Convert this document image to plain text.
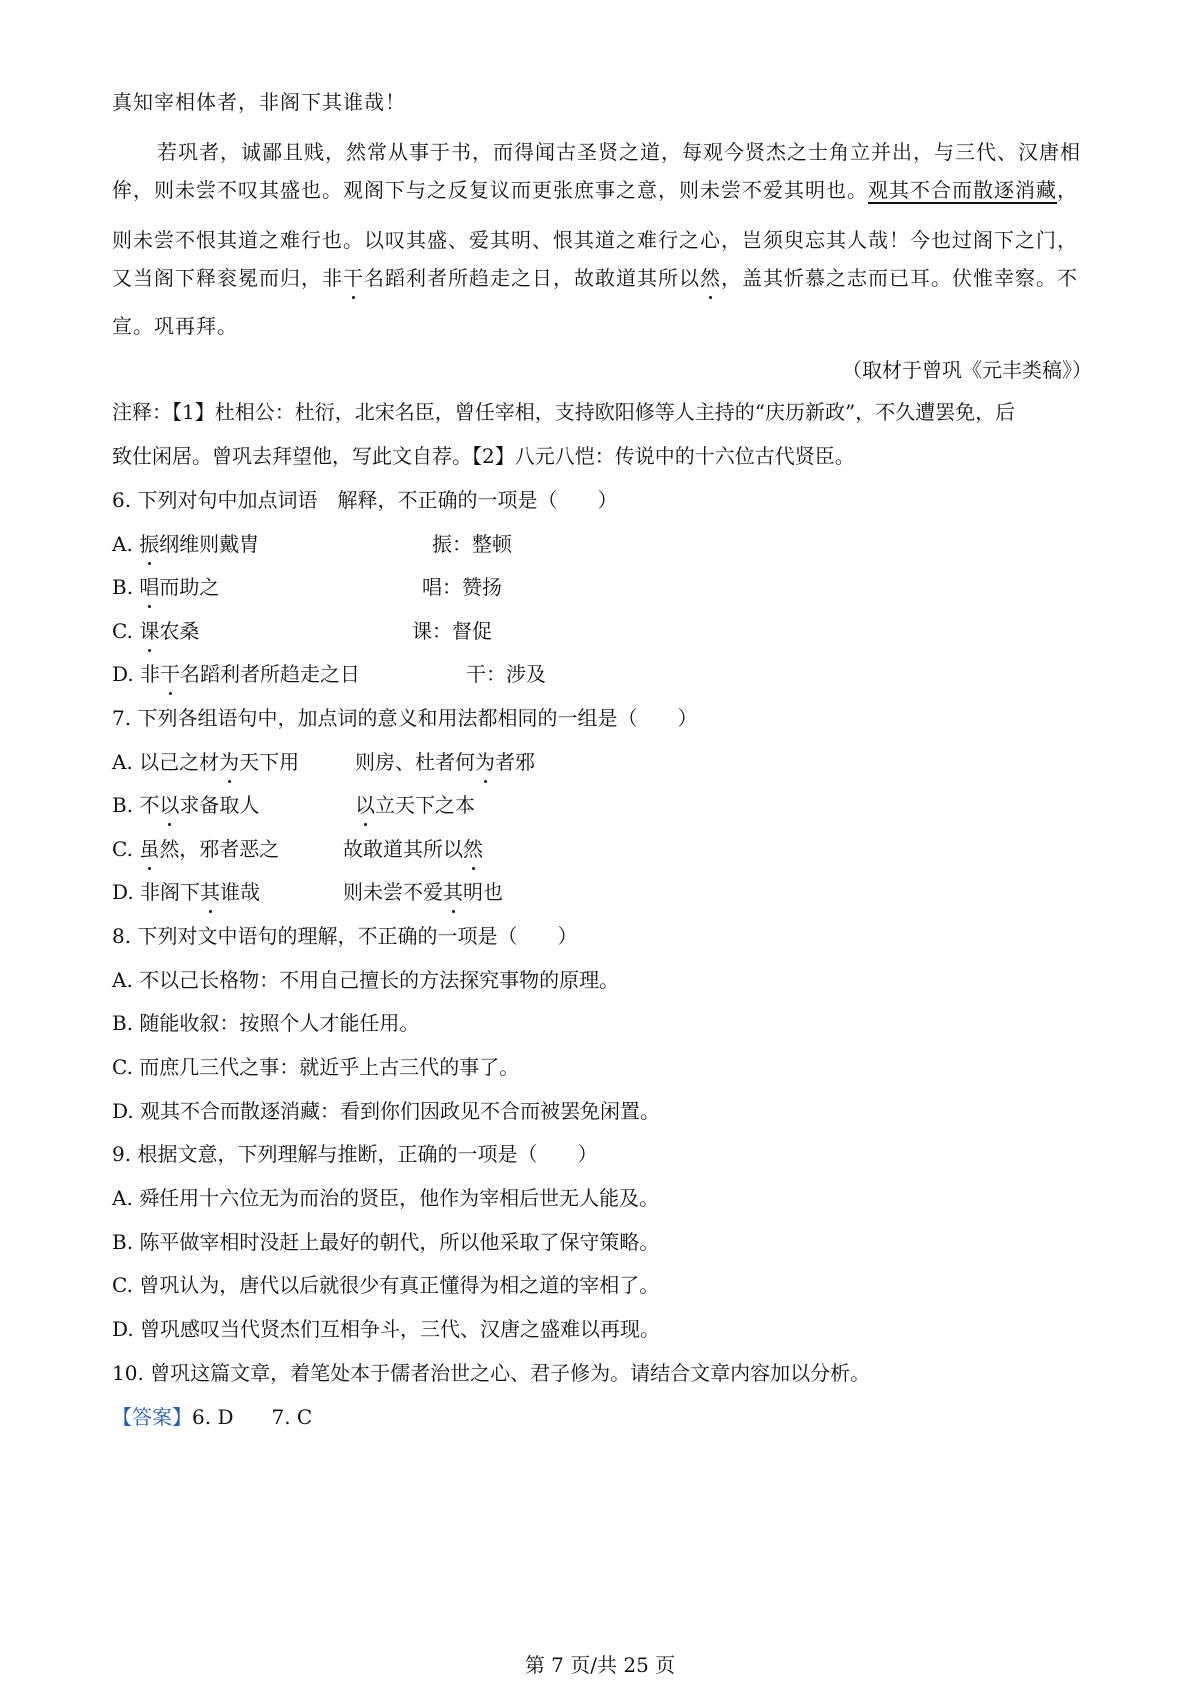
真知宰相体者，非阁下其谁哉！
若巩者，诚鄙且贱，然常从事于书，而得闻古圣贤之道，每观今贤杰之士角立并出，与三代、汉唐相
侔，则未尝不叹其盛也。观阁下与之反复议而更张庶事之意，则未尝不爱其明也。观其不合而散逐消藏，
则未尝不恨其道之难行也。以叹其盛、爱其明、恨其道之难行之心，岂须臾忘其人哉！今也过阁下之门，
又当阁下释衮冕而归，非干名蹈利者所趋走之日，故敢道其所以然，盖其忻慕之志而已耳。伏惟幸察。不
宣。巩再拜。
（取材于曾巩《元丰类稿》）
注释：【1】杜相公：杜衍，北宋名臣，曾任宰相，支持欧阳修等人主持的“庆历新政”，不久遭罢免，后
致仕闲居。曾巩去拜望他，写此文自荐。【2】八元八恺：传说中的十六位古代贤臣。
6. 下列对句中加点词语　解释，不正确的一项是（　　）
A. 振纲维则戴胄	振：整顿
B. 唱而助之	唱：赞扬
C. 课农桑	课：督促
D. 非干名蹈利者所趋走之日	干：涉及
7. 下列各组语句中，加点词的意义和用法都相同的一组是（　　）
A. 以己之材为天下用	则房、杜者何为者邪
B. 不以求备取人	以立天下之本
C. 虽然，邪者恶之	故敢道其所以然
D. 非阁下其谁哉	则未尝不爱其明也
8. 下列对文中语句的理解，不正确的一项是（　　）
A. 不以己长格物：不用自己擅长的方法探究事物的原理。
B. 随能收叙：按照个人才能任用。
C. 而庶几三代之事：就近乎上古三代的事了。
D. 观其不合而散逐消藏：看到你们因政见不合而被罢免闲置。
9. 根据文意，下列理解与推断，正确的一项是（　　）
A. 舜任用十六位无为而治的贤臣，他作为宰相后世无人能及。
B. 陈平做宰相时没赶上最好的朝代，所以他采取了保守策略。
C. 曾巩认为，唐代以后就很少有真正懂得为相之道的宰相了。
D. 曾巩感叹当代贤杰们互相争斗，三代、汉唐之盛难以再现。
10. 曾巩这篇文章，着笔处本于儒者治世之心、君子修为。请结合文章内容加以分析。
【答案】6. D 7. C
第 7 页/共 25 页
